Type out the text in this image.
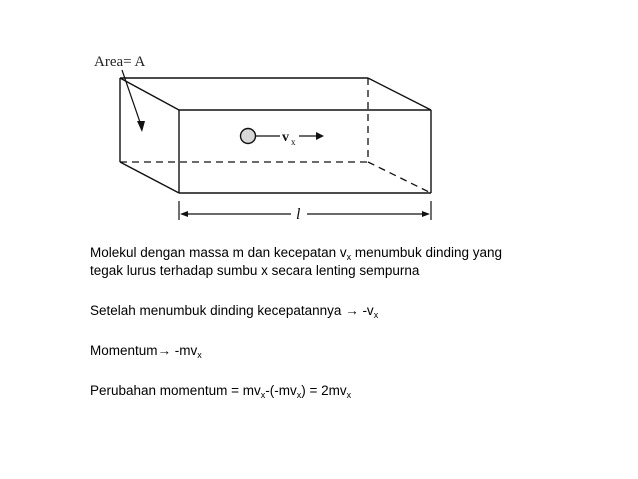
Area= A
v x
l

Molekul dengan massa m dan kecepatan $v_x$ menumbuk dinding yang

tegak lurus terhadap sumbu x secara lenting sempurna

Setelah menumbuk dinding kecepatannya → $-v_x$

Momentum→ $-mv_x$

Perubahan momentum = $mv_x-(-mv_x) = 2mv_x$
